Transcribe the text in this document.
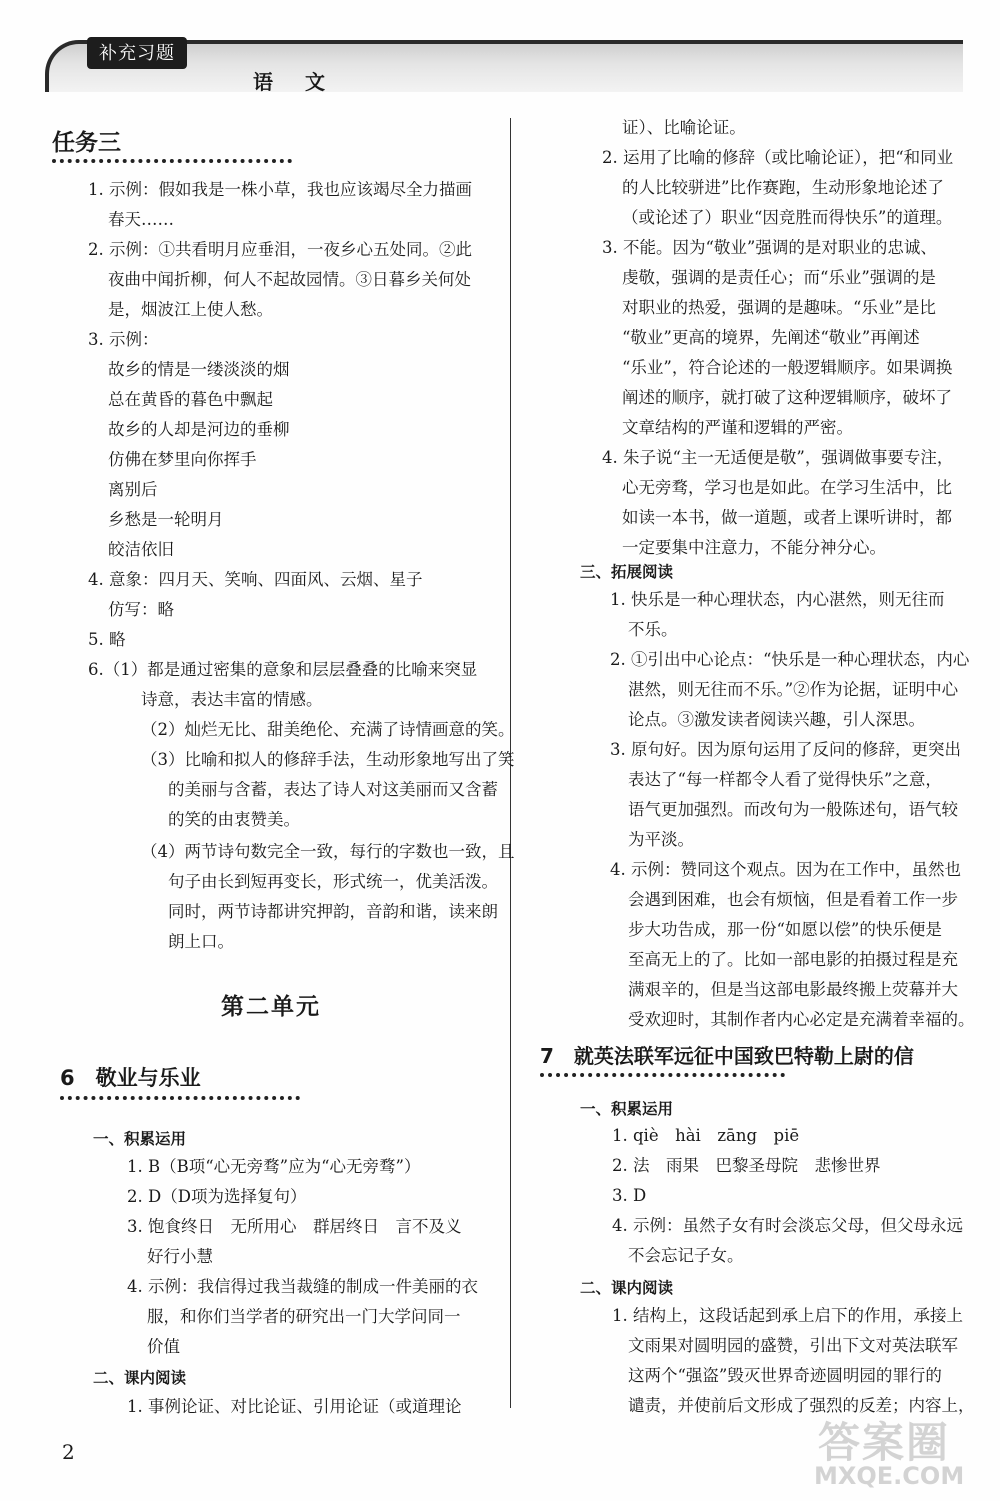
补充习题
语　文
任务三
1. 示例：假如我是一株小草，我也应该竭尽全力描画
春天……
2. 示例：①共看明月应垂泪，一夜乡心五处同。②此
夜曲中闻折柳，何人不起故园情。③日暮乡关何处
是，烟波江上使人愁。
3. 示例：
故乡的情是一缕淡淡的烟
总在黄昏的暮色中飘起
故乡的人却是河边的垂柳
仿佛在梦里向你挥手
离别后
乡愁是一轮明月
皎洁依旧
4. 意象：四月天、笑响、四面风、云烟、星子
仿写：略
5. 略
6.（1）都是通过密集的意象和层层叠叠的比喻来突显
诗意，表达丰富的情感。
（2）灿烂无比、甜美绝伦、充满了诗情画意的笑。
（3）比喻和拟人的修辞手法，生动形象地写出了笑
的美丽与含蓄，表达了诗人对这美丽而又含蓄
的笑的由衷赞美。
（4）两节诗句数完全一致，每行的字数也一致，且
句子由长到短再变长，形式统一，优美活泼。
同时，两节诗都讲究押韵，音韵和谐，读来朗
朗上口。
第二单元
6　敬业与乐业
一、积累运用
1. B（B项“心无旁骛”应为“心无旁骛”）
2. D（D项为选择复句）
3. 饱食终日　无所用心　群居终日　言不及义
好行小慧
4. 示例：我信得过我当裁缝的制成一件美丽的衣
服，和你们当学者的研究出一门大学问同一
价值
二、课内阅读
1. 事例论证、对比论证、引用论证（或道理论
证）、比喻论证。
2. 运用了比喻的修辞（或比喻论证），把“和同业
的人比较骈进”比作赛跑，生动形象地论述了
（或论述了）职业“因竞胜而得快乐”的道理。
3. 不能。因为“敬业”强调的是对职业的忠诚、
虔敬，强调的是责任心；而“乐业”强调的是
对职业的热爱，强调的是趣味。“乐业”是比
“敬业”更高的境界，先阐述“敬业”再阐述
“乐业”，符合论述的一般逻辑顺序。如果调换
阐述的顺序，就打破了这种逻辑顺序，破坏了
文章结构的严谨和逻辑的严密。
4. 朱子说“主一无适便是敬”，强调做事要专注，
心无旁骛，学习也是如此。在学习生活中，比
如读一本书，做一道题，或者上课听讲时，都
一定要集中注意力，不能分神分心。
三、拓展阅读
1. 快乐是一种心理状态，内心湛然，则无往而
不乐。
2. ①引出中心论点：“快乐是一种心理状态，内心
湛然，则无往而不乐。”②作为论据，证明中心
论点。③激发读者阅读兴趣，引人深思。
3. 原句好。因为原句运用了反问的修辞，更突出
表达了“每一样都令人看了觉得快乐”之意，
语气更加强烈。而改句为一般陈述句，语气较
为平淡。
4. 示例：赞同这个观点。因为在工作中，虽然也
会遇到困难，也会有烦恼，但是看着工作一步
步大功告成，那一份“如愿以偿”的快乐便是
至高无上的了。比如一部电影的拍摄过程是充
满艰辛的，但是当这部电影最终搬上荧幕并大
受欢迎时，其制作者内心必定是充满着幸福的。
7　就英法联军远征中国致巴特勒上尉的信
一、积累运用
1. qiè　hài　zāng　piē
2. 法　雨果　巴黎圣母院　悲惨世界
3. D
4. 示例：虽然子女有时会淡忘父母，但父母永远
不会忘记子女。
二、课内阅读
1. 结构上，这段话起到承上启下的作用，承接上
文雨果对圆明园的盛赞，引出下文对英法联军
这两个“强盗”毁灭世界奇迹圆明园的罪行的
谴责，并使前后文形成了强烈的反差；内容上，
2	答案圈
MXQE.COM
